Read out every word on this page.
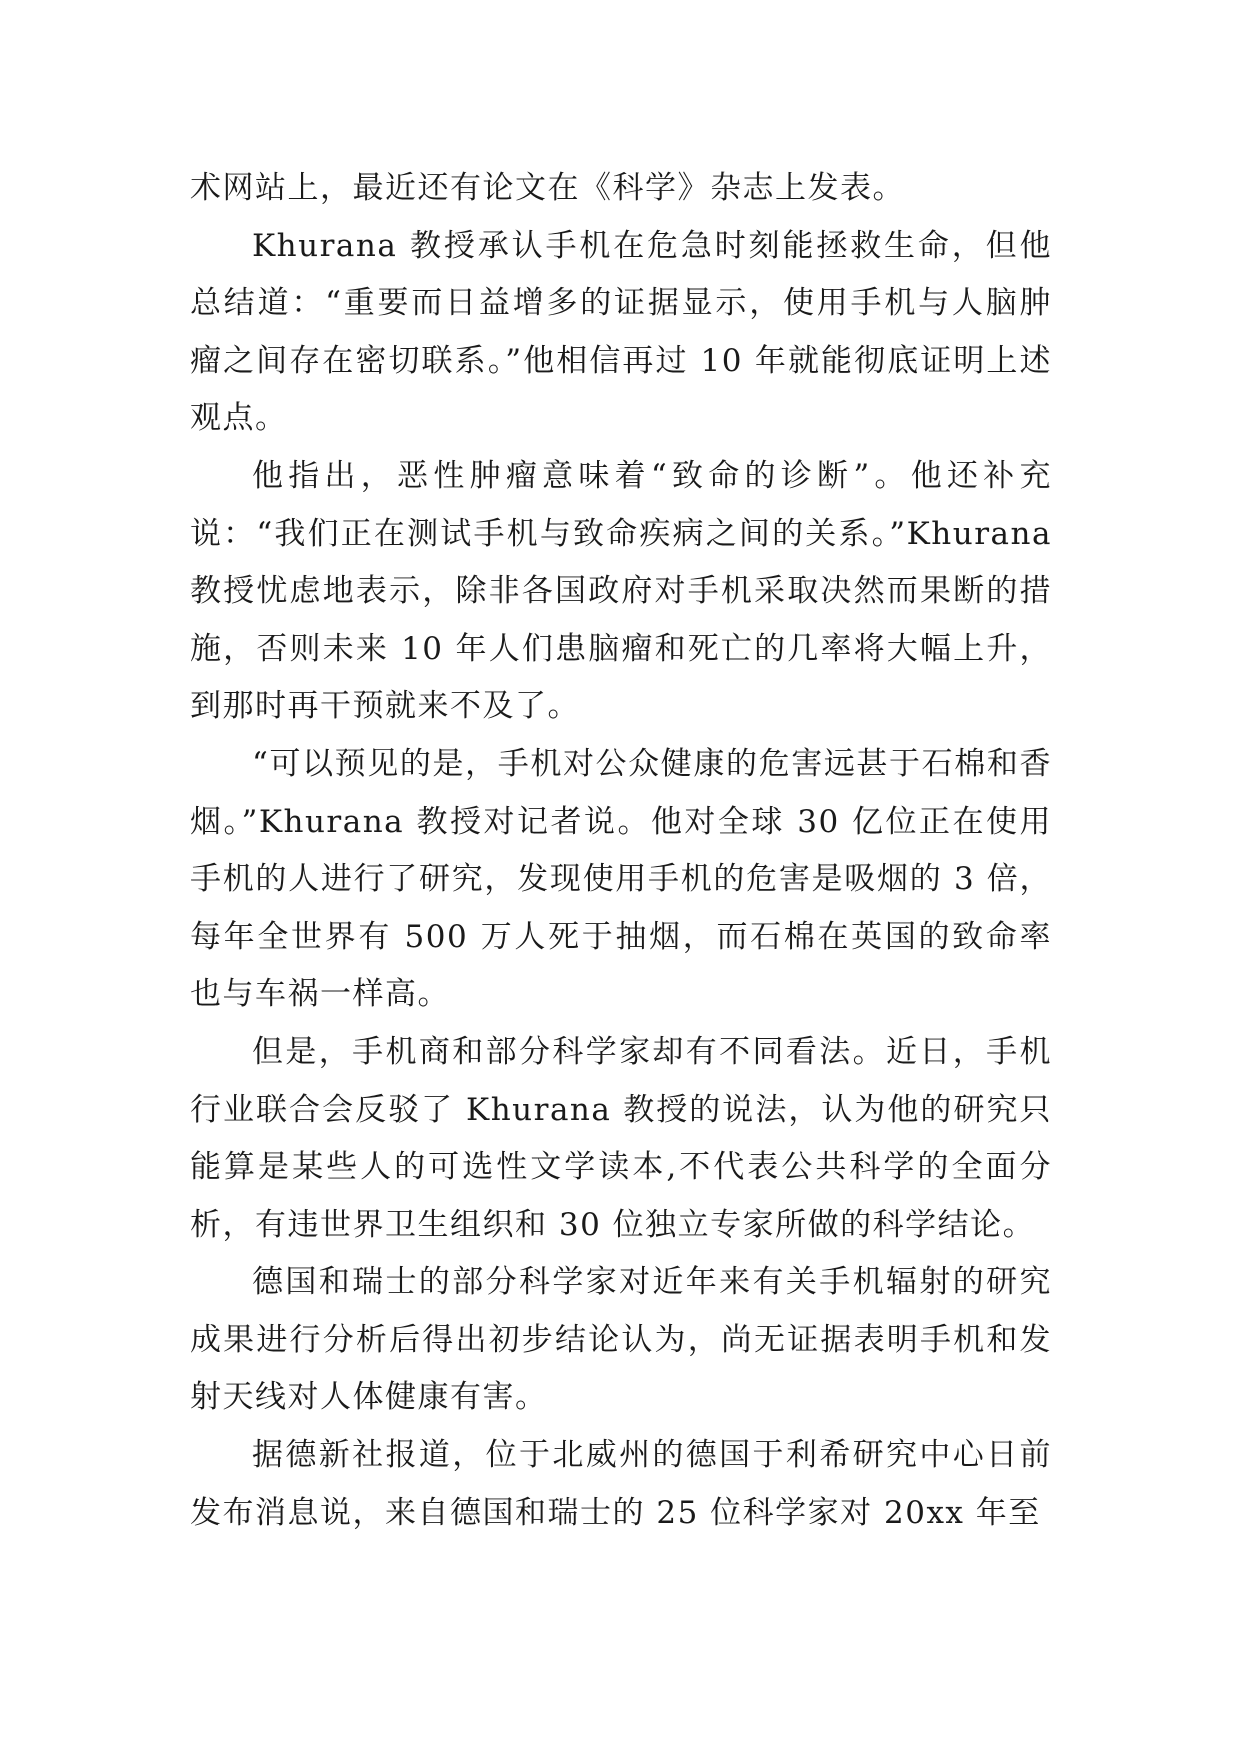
术网站上，最近还有论文在《科学》杂志上发表。

Khurana 教授承认手机在危急时刻能拯救生命，但他总结道：“重要而日益增多的证据显示，使用手机与人脑肿瘤之间存在密切联系。”他相信再过 10 年就能彻底证明上述观点。

他指出，恶性肿瘤意味着“致命的诊断”。他还补充说：“我们正在测试手机与致命疾病之间的关系。”Khurana 教授忧虑地表示，除非各国政府对手机采取决然而果断的措施，否则未来 10 年人们患脑瘤和死亡的几率将大幅上升，到那时再干预就来不及了。

“可以预见的是，手机对公众健康的危害远甚于石棉和香烟。”Khurana 教授对记者说。他对全球 30 亿位正在使用手机的人进行了研究，发现使用手机的危害是吸烟的 3 倍，每年全世界有 500 万人死于抽烟，而石棉在英国的致命率也与车祸一样高。

但是，手机商和部分科学家却有不同看法。近日，手机行业联合会反驳了 Khurana 教授的说法，认为他的研究只能算是某些人的可选性文学读本,不代表公共科学的全面分析，有违世界卫生组织和 30 位独立专家所做的科学结论。

德国和瑞士的部分科学家对近年来有关手机辐射的研究成果进行分析后得出初步结论认为，尚无证据表明手机和发射天线对人体健康有害。

据德新社报道，位于北威州的德国于利希研究中心日前发布消息说，来自德国和瑞士的 25 位科学家对 20xx 年至
